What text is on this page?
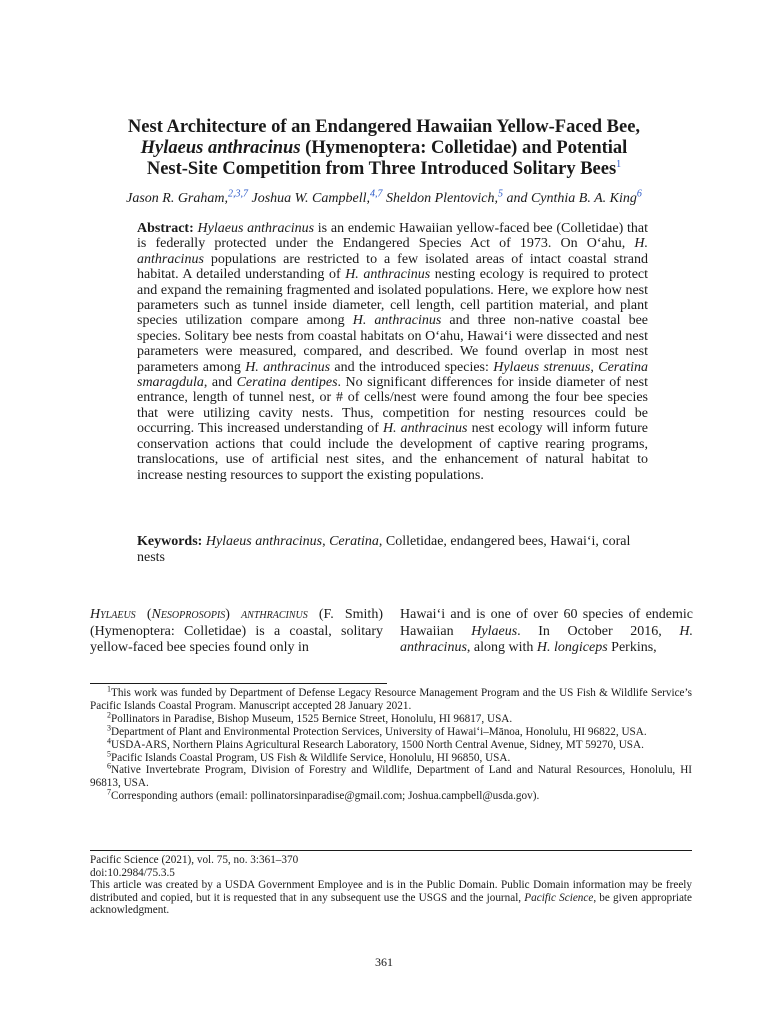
Nest Architecture of an Endangered Hawaiian Yellow-Faced Bee,
Hylaeus anthracinus (Hymenoptera: Colletidae) and Potential
Nest-Site Competition from Three Introduced Solitary Bees$^1$
Jason R. Graham,$^{2,3,7}$ Joshua W. Campbell,$^{4,7}$ Sheldon Plentovich,$^5$ and Cynthia B. A. King$^6$

Abstract: Hylaeus anthracinus is an endemic Hawaiian yellow-faced bee (Colletidae) that is federally protected under the Endangered Species Act of 1973. On O‘ahu, H. anthracinus populations are restricted to a few isolated areas of intact coastal strand habitat. A detailed understanding of H. anthracinus nesting ecology is required to protect and expand the remaining fragmented and isolated populations. Here, we explore how nest parameters such as tunnel inside diameter, cell length, cell partition material, and plant species utilization compare among H. anthracinus and three non-native coastal bee species. Solitary bee nests from coastal habitats on O‘ahu, Hawai‘i were dissected and nest parameters were measured, compared, and described. We found overlap in most nest parameters among H. anthracinus and the introduced species: Hylaeus strenuus, Ceratina smaragdula, and Ceratina dentipes. No significant differences for inside diameter of nest entrance, length of tunnel nest, or # of cells/nest were found among the four bee species that were utilizing cavity nests. Thus, competition for nesting resources could be occurring. This increased understanding of H. anthracinus nest ecology will inform future conservation actions that could include the development of captive rearing programs, translocations, use of artificial nest sites, and the enhancement of natural habitat to increase nesting resources to support the existing populations.

Keywords: Hylaeus anthracinus, Ceratina, Colletidae, endangered bees, Hawai‘i, coral nests

Hylaeus (Nesoprosopis) anthracinus (F. Smith) (Hymenoptera: Colletidae) is a coastal, solitary yellow-faced bee species found only in

Hawai‘i and is one of over 60 species of endemic Hawaiian Hylaeus. In October 2016, H. anthracinus, along with H. longiceps Perkins,

$^1$This work was funded by Department of Defense Legacy Resource Management Program and the US Fish & Wildlife Service’s Pacific Islands Coastal Program. Manuscript accepted 28 January 2021.

$^2$Pollinators in Paradise, Bishop Museum, 1525 Bernice Street, Honolulu, HI 96817, USA.

$^3$Department of Plant and Environmental Protection Services, University of Hawai‘i–Mānoa, Honolulu, HI 96822, USA.

$^4$USDA-ARS, Northern Plains Agricultural Research Laboratory, 1500 North Central Avenue, Sidney, MT 59270, USA.

$^5$Pacific Islands Coastal Program, US Fish & Wildlife Service, Honolulu, HI 96850, USA.

$^6$Native Invertebrate Program, Division of Forestry and Wildlife, Department of Land and Natural Resources, Honolulu, HI 96813, USA.

$^7$Corresponding authors (email: pollinatorsinparadise@gmail.com; Joshua.campbell@usda.gov).

Pacific Science (2021), vol. 75, no. 3:361–370

doi:10.2984/75.3.5

This article was created by a USDA Government Employee and is in the Public Domain. Public Domain information may be freely distributed and copied, but it is requested that in any subsequent use the USGS and the journal, Pacific Science, be given appropriate acknowledgment.

361
